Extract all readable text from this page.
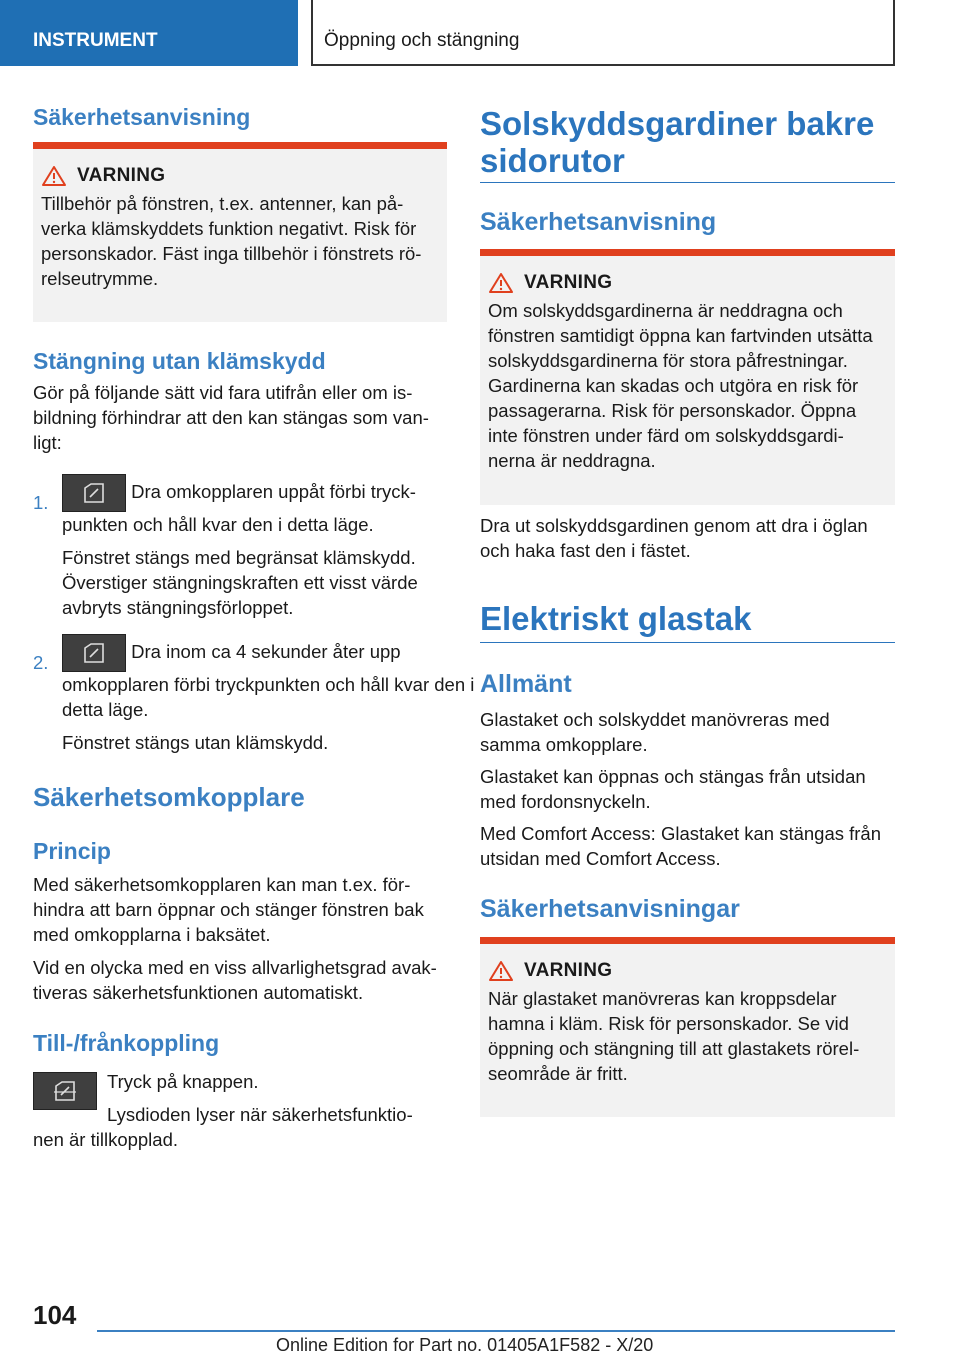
INSTRUMENT	Öppning och stängning
Säkerhetsanvisning
VARNING
Tillbehör på fönstren, t.ex. antenner, kan på-verka klämskyddets funktion negativt. Risk för personskador. Fäst inga tillbehör i fönstrets rö-relseutrymme.
Stängning utan klämskydd

Gör på följande sätt vid fara utifrån eller om is-bildning förhindrar att den kan stängas som van-ligt:

1.

Dra omkopplaren uppåt förbi tryck-punkten och håll kvar den i detta läge.

Fönstret stängs med begränsat klämskydd. Överstiger stängningskraften ett visst värde avbryts stängningsförloppet.

2.

Dra inom ca 4 sekunder åter upp omkopplaren förbi tryckpunkten och håll kvar den i detta läge.

Fönstret stängs utan klämskydd.

Säkerhetsomkopplare
Princip

Med säkerhetsomkopplaren kan man t.ex. för-hindra att barn öppnar och stänger fönstren bak med omkopplarna i baksätet.

Vid en olycka med en viss allvarlighetsgrad avak-tiveras säkerhetsfunktionen automatiskt.

Till-/frånkoppling

Tryck på knappen.

Lysdioden lyser när säkerhetsfunktio-

nen är tillkopplad.

Solskyddsgardiner bakre sidorutor
Säkerhetsanvisning
VARNING
Om solskyddsgardinerna är neddragna och fönstren samtidigt öppna kan fartvinden utsätta solskyddsgardinerna för stora påfrestningar. Gardinerna kan skadas och utgöra en risk för passagerarna. Risk för personskador. Öppna inte fönstren under färd om solskyddsgardi-nerna är neddragna.

Dra ut solskyddsgardinen genom att dra i öglan och haka fast den i fästet.

Elektriskt glastak
Allmänt

Glastaket och solskyddet manövreras med samma omkopplare.

Glastaket kan öppnas och stängas från utsidan med fordonsnyckeln.

Med Comfort Access: Glastaket kan stängas från utsidan med Comfort Access.

Säkerhetsanvisningar
VARNING
När glastaket manövreras kan kroppsdelar hamna i kläm. Risk för personskador. Se vid öppning och stängning till att glastakets rörel-seområde är fritt.
104
Online Edition for Part no. 01405A1F582 - X/20
